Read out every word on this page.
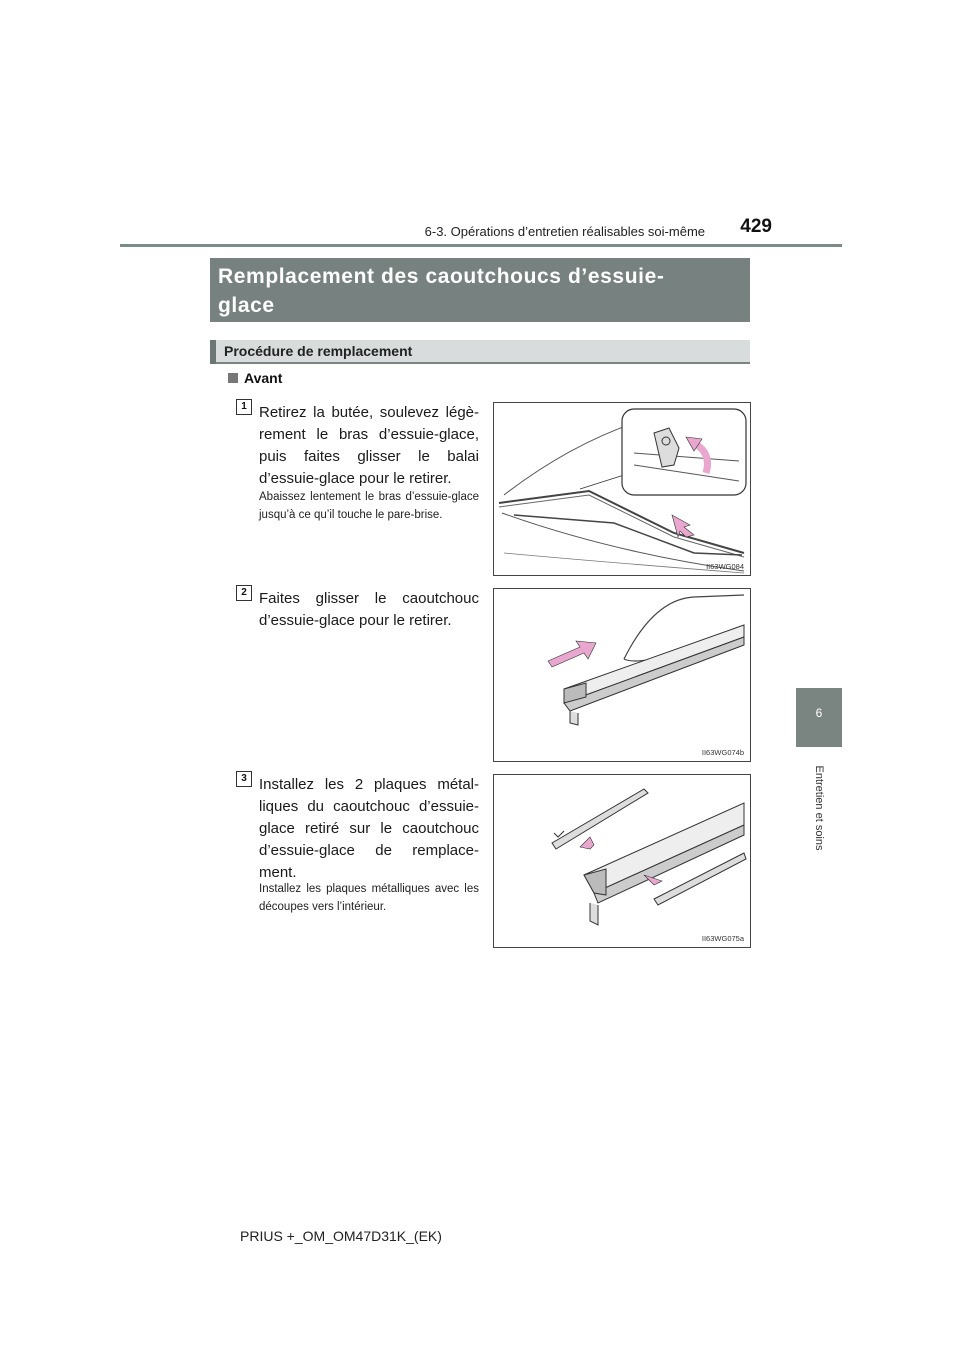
6-3. Opérations d’entretien réalisables soi-même	429
6
Entretien et soins
Remplacement des caoutchoucs d’essuie-glace
Procédure de remplacement
Avant
1 Retirez la butée, soulevez légè-rement le bras d’essuie-glace, puis faites glisser le balai d’essuie-glace pour le retirer.
Abaissez lentement le bras d’essuie-glace jusqu’à ce qu’il touche le pare-brise.
II63WG084
2 Faites glisser le caoutchouc d’essuie-glace pour le retirer.
II63WG074b
3 Installez les 2 plaques métal-liques du caoutchouc d’essuie-glace retiré sur le caoutchouc d’essuie-glace de remplace-ment.
Installez les plaques métalliques avec les découpes vers l’intérieur.
II63WG075a
PRIUS +_OM_OM47D31K_(EK)
